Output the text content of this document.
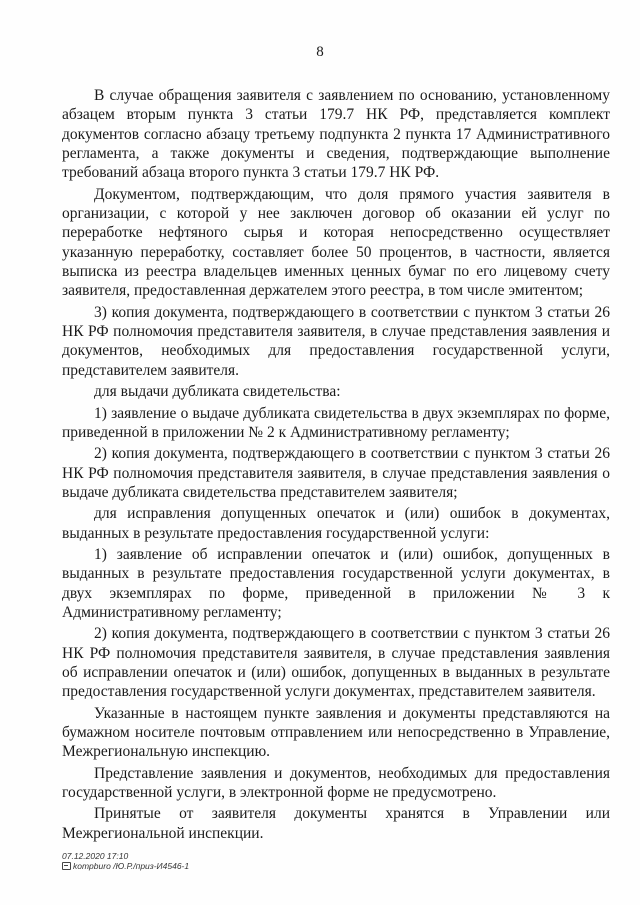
8

В случае обращения заявителя с заявлением по основанию, установленному абзацем вторым пункта 3 статьи 179.7 НК РФ, представляется комплект документов согласно абзацу третьему подпункта 2 пункта 17 Административного регламента, а также документы и сведения, подтверждающие выполнение требований абзаца второго пункта 3 статьи 179.7 НК РФ.

Документом, подтверждающим, что доля прямого участия заявителя в организации, с которой у нее заключен договор об оказании ей услуг по переработке нефтяного сырья и которая непосредственно осуществляет указанную переработку, составляет более 50 процентов, в частности, является выписка из реестра владельцев именных ценных бумаг по его лицевому счету заявителя, предоставленная держателем этого реестра, в том числе эмитентом;

3) копия документа, подтверждающего в соответствии с пунктом 3 статьи 26 НК РФ полномочия представителя заявителя, в случае представления заявления и документов, необходимых для предоставления государственной услуги, представителем заявителя.

для выдачи дубликата свидетельства:

1) заявление о выдаче дубликата свидетельства в двух экземплярах по форме, приведенной в приложении № 2 к Административному регламенту;

2) копия документа, подтверждающего в соответствии с пунктом 3 статьи 26 НК РФ полномочия представителя заявителя, в случае представления заявления о выдаче дубликата свидетельства представителем заявителя;

для исправления допущенных опечаток и (или) ошибок в документах, выданных в результате предоставления государственной услуги:

1) заявление об исправлении опечаток и (или) ошибок, допущенных в выданных в результате предоставления государственной услуги документах, в двух экземплярах по форме, приведенной в приложении № 3 к Административному регламенту;

2) копия документа, подтверждающего в соответствии с пунктом 3 статьи 26 НК РФ полномочия представителя заявителя, в случае представления заявления об исправлении опечаток и (или) ошибок, допущенных в выданных в результате предоставления государственной услуги документах, представителем заявителя.

Указанные в настоящем пункте заявления и документы представляются на бумажном носителе почтовым отправлением или непосредственно в Управление, Межрегиональную инспекцию.

Представление заявления и документов, необходимых для предоставления государственной услуги, в электронной форме не предусмотрено.

Принятые от заявителя документы хранятся в Управлении или Межрегиональной инспекции.

07.12.2020 17:10
kompburo /Ю.Р./приз-И4546-1
